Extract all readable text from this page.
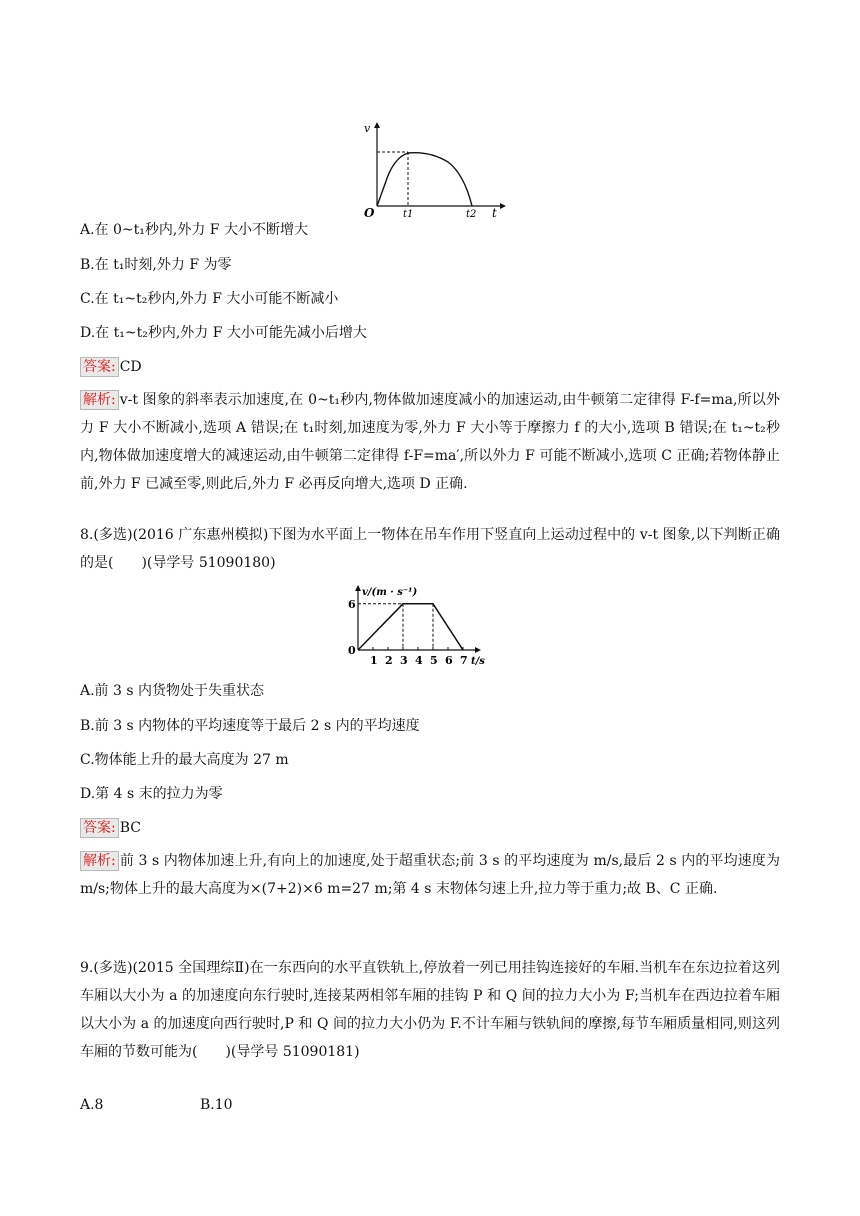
v
O	t1	t2 t
A.在 0~t₁秒内,外力 F 大小不断增大
B.在 t₁时刻,外力 F 为零
C.在 t₁~t₂秒内,外力 F 大小可能不断减小
D.在 t₁~t₂秒内,外力 F 大小可能先减小后增大
答案: CD
解析: v-t 图象的斜率表示加速度,在 0~t₁秒内,物体做加速度减小的加速运动,由牛顿第二定律得 F-f=ma,所以外力 F 大小不断减小,选项 A 错误;在 t₁时刻,加速度为零,外力 F 大小等于摩擦力 f 的大小,选项 B 错误;在 t₁~t₂秒内,物体做加速度增大的减速运动,由牛顿第二定律得 f-F=ma′,所以外力 F 可能不断减小,选项 C 正确;若物体静止前,外力 F 已减至零,则此后,外力 F 必再反向增大,选项 D 正确.
8.(多选)(2016 广东惠州模拟)下图为水平面上一物体在吊车作用下竖直向上运动过程中的 v-t 图象,以下判断正确的是(　　)(导学号 51090180)
0
1 2 3 4 5 6 7
6
v/(m · s⁻¹)
t/s
A.前 3 s 内货物处于失重状态
B.前 3 s 内物体的平均速度等于最后 2 s 内的平均速度
C.物体能上升的最大高度为 27 m
D.第 4 s 末的拉力为零
答案: BC
解析: 前 3 s 内物体加速上升,有向上的加速度,处于超重状态;前 3 s 的平均速度为 m/s,最后 2 s 内的平均速度为 m/s;物体上升的最大高度为×(7+2)×6 m=27 m;第 4 s 末物体匀速上升,拉力等于重力;故 B、C 正确.
9.(多选)(2015 全国理综Ⅱ)在一东西向的水平直铁轨上,停放着一列已用挂钩连接好的车厢.当机车在东边拉着这列车厢以大小为 a 的加速度向东行驶时,连接某两相邻车厢的挂钩 P 和 Q 间的拉力大小为 F;当机车在西边拉着车厢以大小为 a 的加速度向西行驶时,P 和 Q 间的拉力大小仍为 F.不计车厢与铁轨间的摩擦,每节车厢质量相同,则这列车厢的节数可能为(　　)(导学号 51090181)
A.8	B.10
